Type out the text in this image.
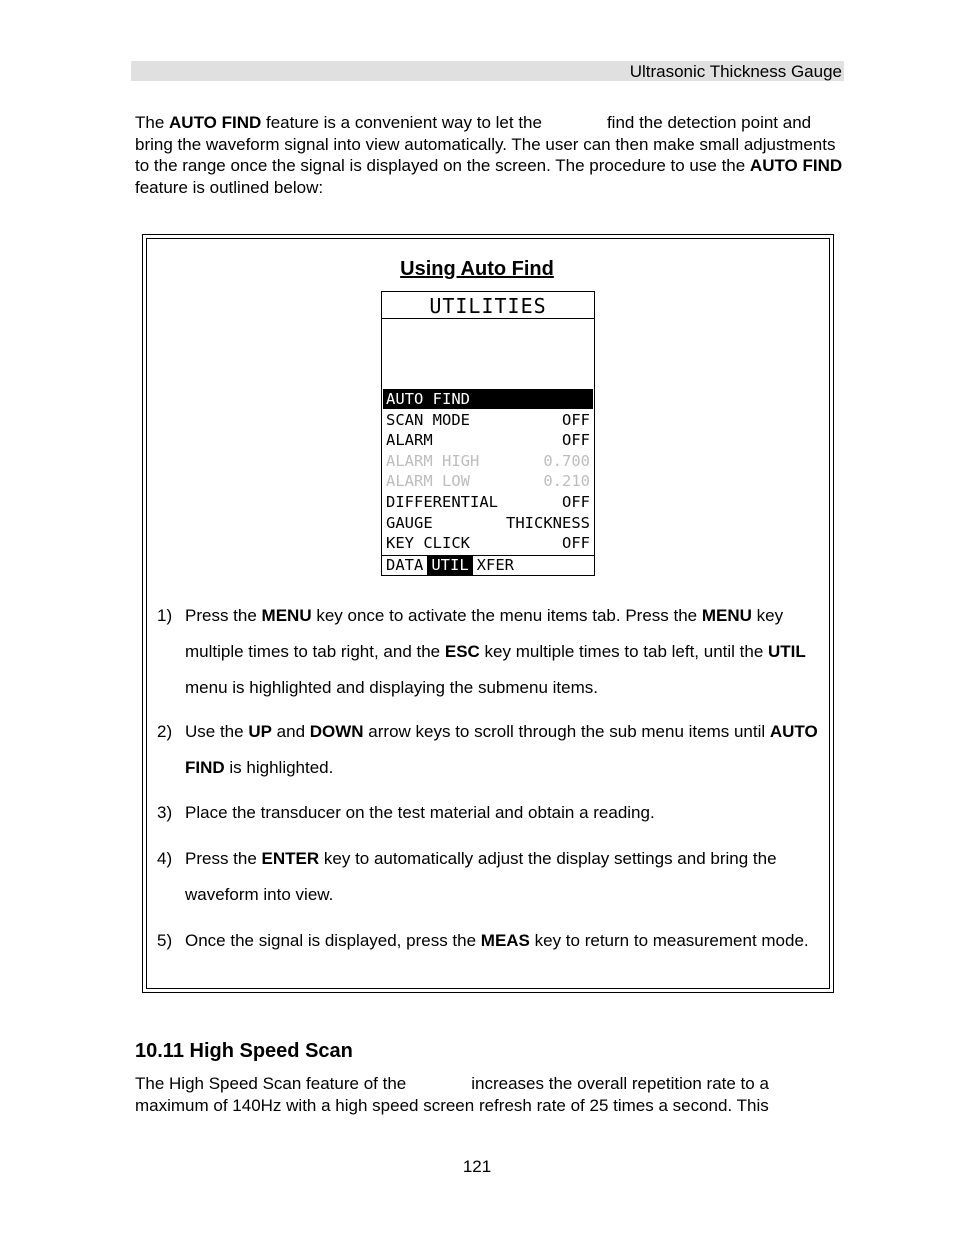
Ultrasonic Thickness Gauge

The AUTO FIND feature is a convenient way to let the	find the detection point and bring the waveform signal into view automatically. The user can then make small adjustments to the range once the signal is displayed on the screen. The procedure to use the AUTO FIND feature is outlined below:

Using Auto Find
UTILITIES
AUTO FIND
SCAN MODE	OFF
ALARM	OFF
ALARM HIGH	0.700
ALARM LOW	0.210
DIFFERENTIAL	OFF
GAUGE	THICKNESS
KEY CLICK	OFF
DATA UTIL XFER
1) Press the MENU key once to activate the menu items tab. Press the MENU key multiple times to tab right, and the ESC key multiple times to tab left, until the UTIL menu is highlighted and displaying the submenu items.
2) Use the UP and DOWN arrow keys to scroll through the sub menu items until AUTO FIND is highlighted.
3) Place the transducer on the test material and obtain a reading.
4) Press the ENTER key to automatically adjust the display settings and bring the waveform into view.
5) Once the signal is displayed, press the MEAS key to return to measurement mode.
10.11 High Speed Scan

The High Speed Scan feature of the	increases the overall repetition rate to a maximum of 140Hz with a high speed screen refresh rate of 25 times a second. This

121
